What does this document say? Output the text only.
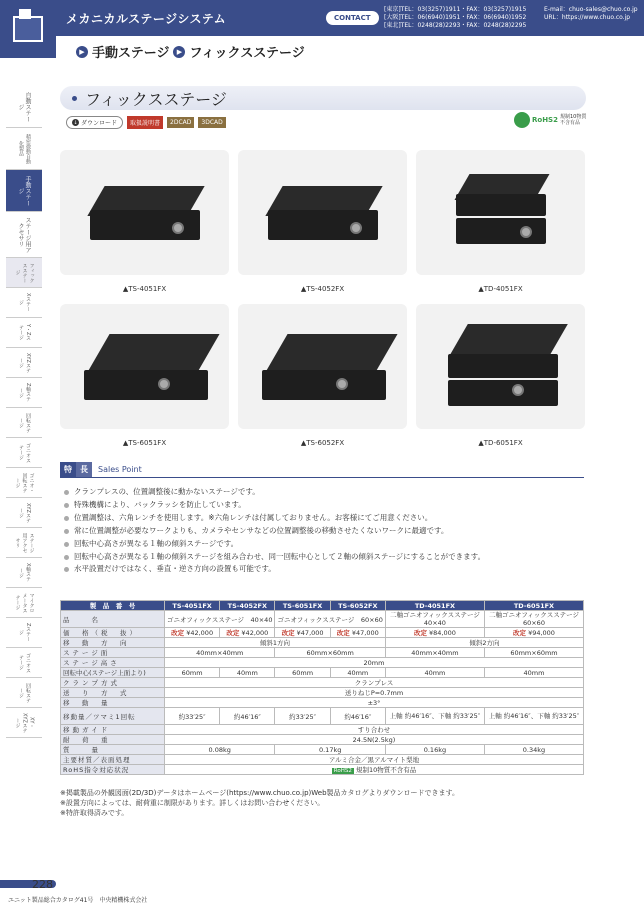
自動ステージ
精密微動自動化製品
手動ステージ
ステージ用アクセサリ
フィックスステージ
Xステージ
Y・Zステージ
XYZステージ
Z軸ステージ
回転ステージ
ゴニオステージ
ゴニオ・回転ステージ
XYZステージ
ステージ用アクセサリ
X軸ステージ
マイクロメータステージ
Zステージ
ゴニオステージ
回転ステージ
XY・XYZステージ
メカニカルステージシステム	CONTACT
[東京]TEL：03(3257)1911・FAX：03(3257)1915
[大阪]TEL：06(6940)1951・FAX：06(6940)1952
[東北]TEL：0248(28)2293・FAX：0248(28)2295
E-mail：chuo-sales@chuo.co.jp
URL：https://www.chuo.co.jp
▶ 手動ステージ	▶ フィックスステージ
フィックスステージ
↓ ダウンロード	取扱説明書	2DCAD	3DCAD	RoHS2 規制10物質
不含有品
▲TS-4051FX	▲TS-4052FX	▲TD-4051FX
▲TS-6051FX	▲TS-6052FX	▲TD-6051FX
特	長	Sales Point
クランプレスの、位置調整後に動かないステージです。
特殊機構により、バックラッシを防止しています。
位置調整は、六角レンチを使用します。※六角レンチは付属しておりません。お客様にてご用意ください。
常に位置調整が必要なワークよりも、カメラやセンサなどの位置調整後の移動させたくないワークに最適です。
回転中心高さが異なる１軸の傾斜ステージです。
回転中心高さが異なる１軸の傾斜ステージを組み合わせ、同一回転中心として２軸の傾斜ステージにすることができます。
水平設置だけではなく、垂直・逆さ方向の設置も可能です。
製　品　番　号	TS-4051FX	TS-4052FX	TS-6051FX	TS-6052FX	TD-4051FX	TD-6051FX
品　　名	ゴニオフィックスステージ　40×40		ゴニオフィックスステージ　60×60		二軸ゴニオフィックスステージ　40×40	二軸ゴニオフィックスステージ　60×60
価　格（税　抜）	改定 ¥42,000	改定 ¥42,000	改定 ¥47,000	改定 ¥47,000	改定 ¥84,000	改定 ¥94,000
移　動　方　向	傾斜1方向				傾斜2方向	
ステージ面	40mm×40mm		60mm×60mm		40mm×40mm	60mm×60mm
ステージ高さ	20mm					
回転中心(ステージ上面より)	60mm	40mm	60mm	40mm	40mm	40mm
クランプ方式	クランプレス					
送　り　方　式	送りねじP=0.7mm					
移　動　量	±3°					
移動量／ツマミ1回転	約33′25″	約46′16″	約33′25″	約46′16″	上軸 約46′16″、下軸 約33′25″	上軸 約46′16″、下軸 約33′25″
移動ガイド	すり合わせ					
耐　荷　重	24.5N(2.5kg)					
質　　量	0.08kg		0.17kg		0.16kg	0.34kg
主要材質／表面処理	アルミ合金／黒アルマイト梨地					
RoHS指令対応状況	RoHS2 規制10物質不含有品					
※掲載製品の外観図面(2D/3D)データはホームページ(https://www.chuo.co.jp)Web製品カタログよりダウンロードできます。
※設置方向によっては、耐荷重に制限があります。詳しくはお問い合わせください。
※特許取得済みです。
228
ユニット製品総合カタログ41号　中央精機株式会社
